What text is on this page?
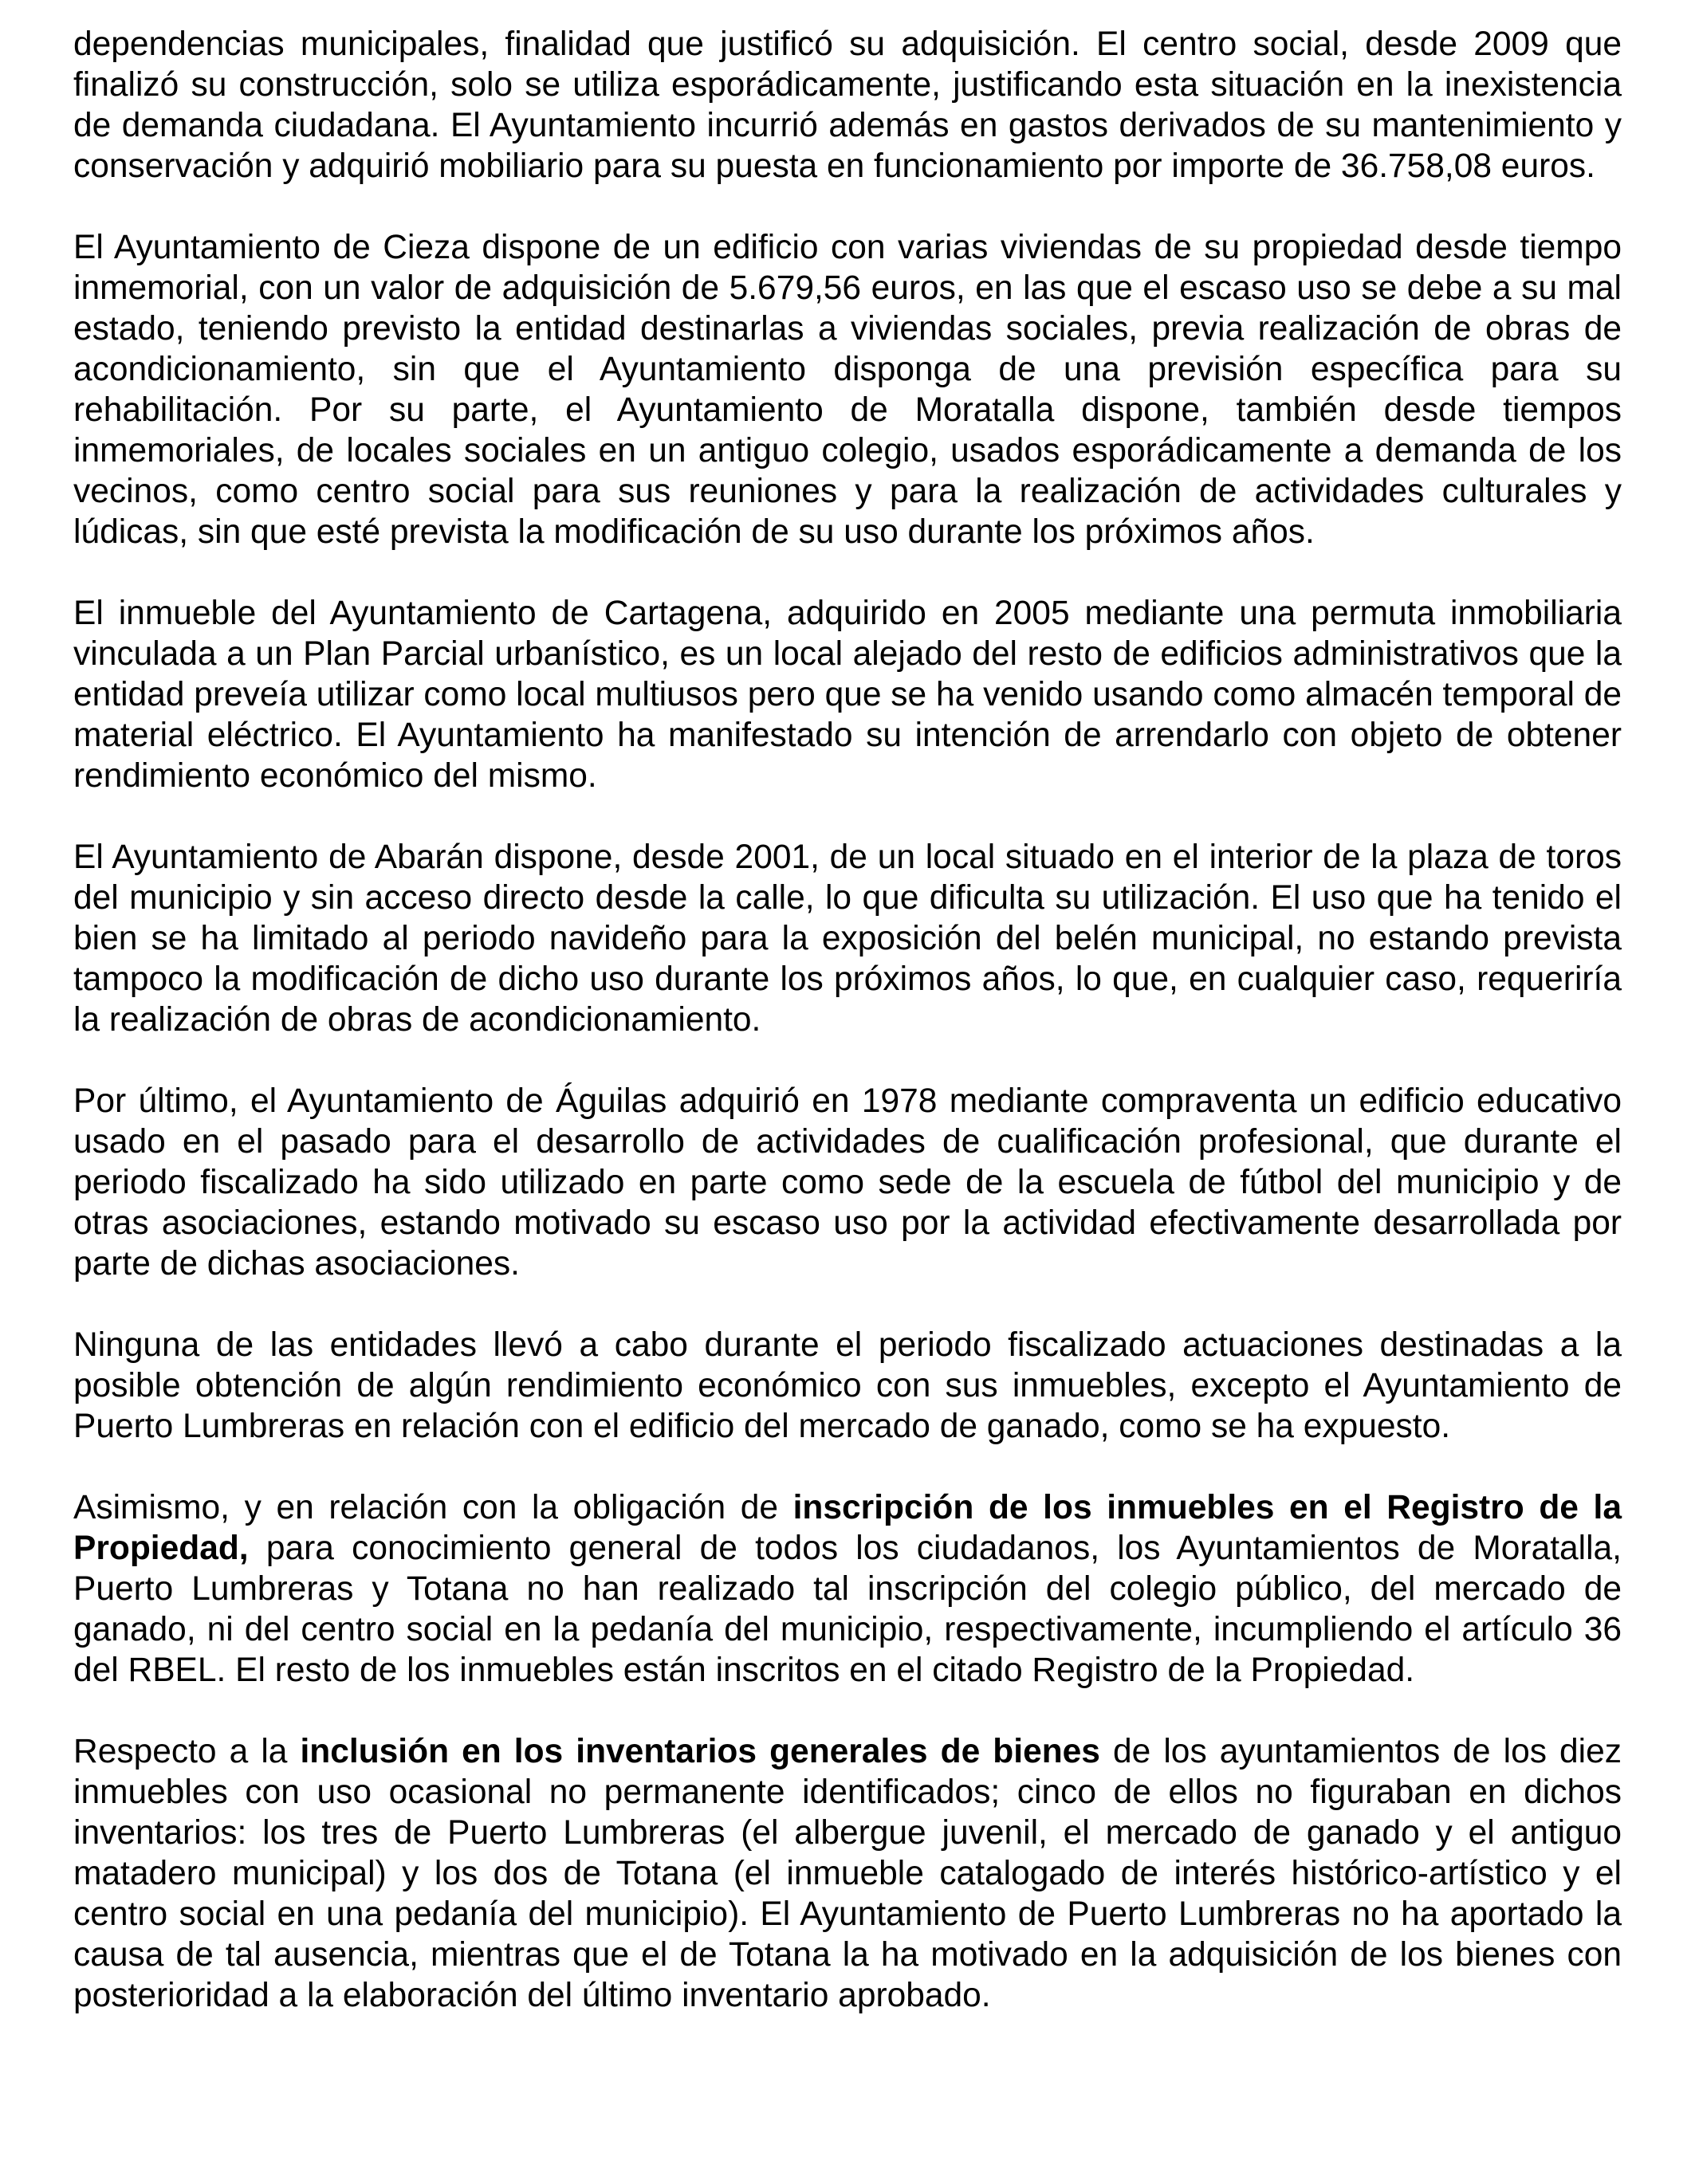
dependencias municipales, finalidad que justificó su adquisición. El centro social, desde 2009 que finalizó su construcción, solo se utiliza esporádicamente, justificando esta situación en la inexistencia de demanda ciudadana. El Ayuntamiento incurrió además en gastos derivados de su mantenimiento y conservación y adquirió mobiliario para su puesta en funcionamiento por importe de 36.758,08 euros.

El Ayuntamiento de Cieza dispone de un edificio con varias viviendas de su propiedad desde tiempo inmemorial, con un valor de adquisición de 5.679,56 euros, en las que el escaso uso se debe a su mal estado, teniendo previsto la entidad destinarlas a viviendas sociales, previa realización de obras de acondicionamiento, sin que el Ayuntamiento disponga de una previsión específica para su rehabilitación. Por su parte, el Ayuntamiento de Moratalla dispone, también desde tiempos inmemoriales, de locales sociales en un antiguo colegio, usados esporádicamente a demanda de los vecinos, como centro social para sus reuniones y para la realización de actividades culturales y lúdicas, sin que esté prevista la modificación de su uso durante los próximos años.

El inmueble del Ayuntamiento de Cartagena, adquirido en 2005 mediante una permuta inmobiliaria vinculada a un Plan Parcial urbanístico, es un local alejado del resto de edificios administrativos que la entidad preveía utilizar como local multiusos pero que se ha venido usando como almacén temporal de material eléctrico. El Ayuntamiento ha manifestado su intención de arrendarlo con objeto de obtener rendimiento económico del mismo.

El Ayuntamiento de Abarán dispone, desde 2001, de un local situado en el interior de la plaza de toros del municipio y sin acceso directo desde la calle, lo que dificulta su utilización. El uso que ha tenido el bien se ha limitado al periodo navideño para la exposición del belén municipal, no estando prevista tampoco la modificación de dicho uso durante los próximos años, lo que, en cualquier caso, requeriría la realización de obras de acondicionamiento.

Por último, el Ayuntamiento de Águilas adquirió en 1978 mediante compraventa un edificio educativo usado en el pasado para el desarrollo de actividades de cualificación profesional, que durante el periodo fiscalizado ha sido utilizado en parte como sede de la escuela de fútbol del municipio y de otras asociaciones, estando motivado su escaso uso por la actividad efectivamente desarrollada por parte de dichas asociaciones.

Ninguna de las entidades llevó a cabo durante el periodo fiscalizado actuaciones destinadas a la posible obtención de algún rendimiento económico con sus inmuebles, excepto el Ayuntamiento de Puerto Lumbreras en relación con el edificio del mercado de ganado, como se ha expuesto.

Asimismo, y en relación con la obligación de inscripción de los inmuebles en el Registro de la Propiedad, para conocimiento general de todos los ciudadanos, los Ayuntamientos de Moratalla, Puerto Lumbreras y Totana no han realizado tal inscripción del colegio público, del mercado de ganado, ni del centro social en la pedanía del municipio, respectivamente, incumpliendo el artículo 36 del RBEL. El resto de los inmuebles están inscritos en el citado Registro de la Propiedad.

Respecto a la inclusión en los inventarios generales de bienes de los ayuntamientos de los diez inmuebles con uso ocasional no permanente identificados; cinco de ellos no figuraban en dichos inventarios: los tres de Puerto Lumbreras (el albergue juvenil, el mercado de ganado y el antiguo matadero municipal) y los dos de Totana (el inmueble catalogado de interés histórico-artístico y el centro social en una pedanía del municipio). El Ayuntamiento de Puerto Lumbreras no ha aportado la causa de tal ausencia, mientras que el de Totana la ha motivado en la adquisición de los bienes con posterioridad a la elaboración del último inventario aprobado.
